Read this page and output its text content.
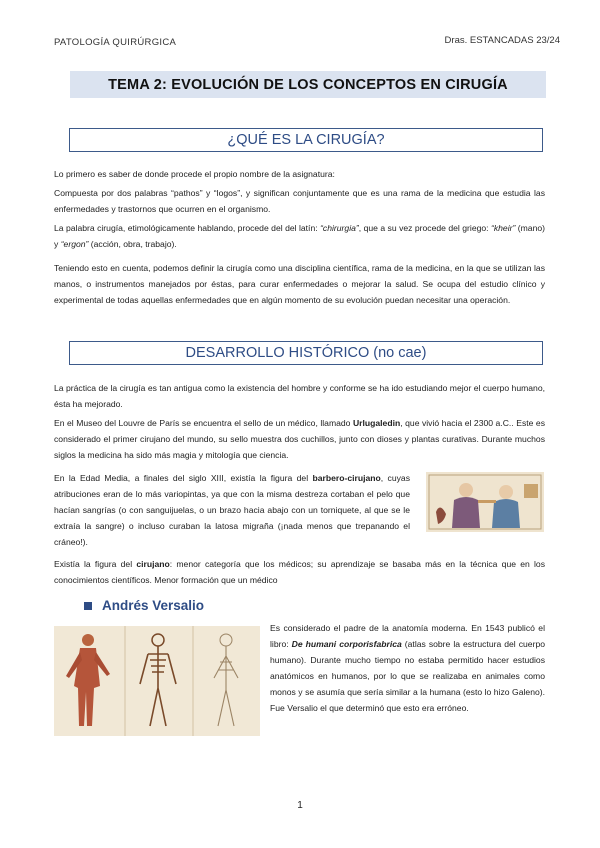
PATOLOGÍA QUIRÚRGICA	Dras. ESTANCADAS 23/24
TEMA 2: EVOLUCIÓN DE LOS CONCEPTOS EN CIRUGÍA
¿QUÉ ES LA CIRUGÍA?
Lo primero es saber de donde procede el propio nombre de la asignatura:
Compuesta por dos palabras “pathos” y “logos”, y significan conjuntamente que es una rama de la medicina que estudia las enfermedades y trastornos que ocurren en el organismo.
La palabra cirugía, etimológicamente hablando, procede del del latín: “chirurgia”, que a su vez procede del griego: “kheir” (mano) y “ergon” (acción, obra, trabajo).
Teniendo esto en cuenta, podemos definir la cirugía como una disciplina científica, rama de la medicina, en la que se utilizan las manos, o instrumentos manejados por éstas, para curar enfermedades o mejorar la salud. Se ocupa del estudio clínico y experimental de todas aquellas enfermedades que en algún momento de su evolución puedan necesitar una operación.
DESARROLLO HISTÓRICO (no cae)
La práctica de la cirugía es tan antigua como la existencia del hombre y conforme se ha ido estudiando mejor el cuerpo humano, ésta ha mejorado.
En el Museo del Louvre de París se encuentra el sello de un médico, llamado Urlugaledin, que vivió hacia el 2300 a.C.. Este es considerado el primer cirujano del mundo, su sello muestra dos cuchillos, junto con dioses y plantas curativas. Durante muchos siglos la medicina ha sido más magia y mitología que ciencia.
En la Edad Media, a finales del siglo XIII, existía la figura del barbero-cirujano, cuyas atribuciones eran de lo más variopintas, ya que con la misma destreza cortaban el pelo que hacían sangrías (o con sanguijuelas, o un brazo hacia abajo con un torniquete, al que se le extraía la sangre) o incluso curaban la latosa migraña (¡nada menos que trepanando el cráneo!).
Existía la figura del cirujano: menor categoría que los médicos; su aprendizaje se basaba más en la técnica que en los conocimientos científicos. Menor formación que un médico
Andrés Versalio
Es considerado el padre de la anatomía moderna. En 1543 publicó el libro: De humani corporisfabrica (atlas sobre la estructura del cuerpo humano). Durante mucho tiempo no estaba permitido hacer estudios anatómicos en humanos, por lo que se realizaba en animales como monos y se asumía que sería similar a la humana (esto lo hizo Galeno). Fue Versalio el que determinó que esto era erróneo.
1
